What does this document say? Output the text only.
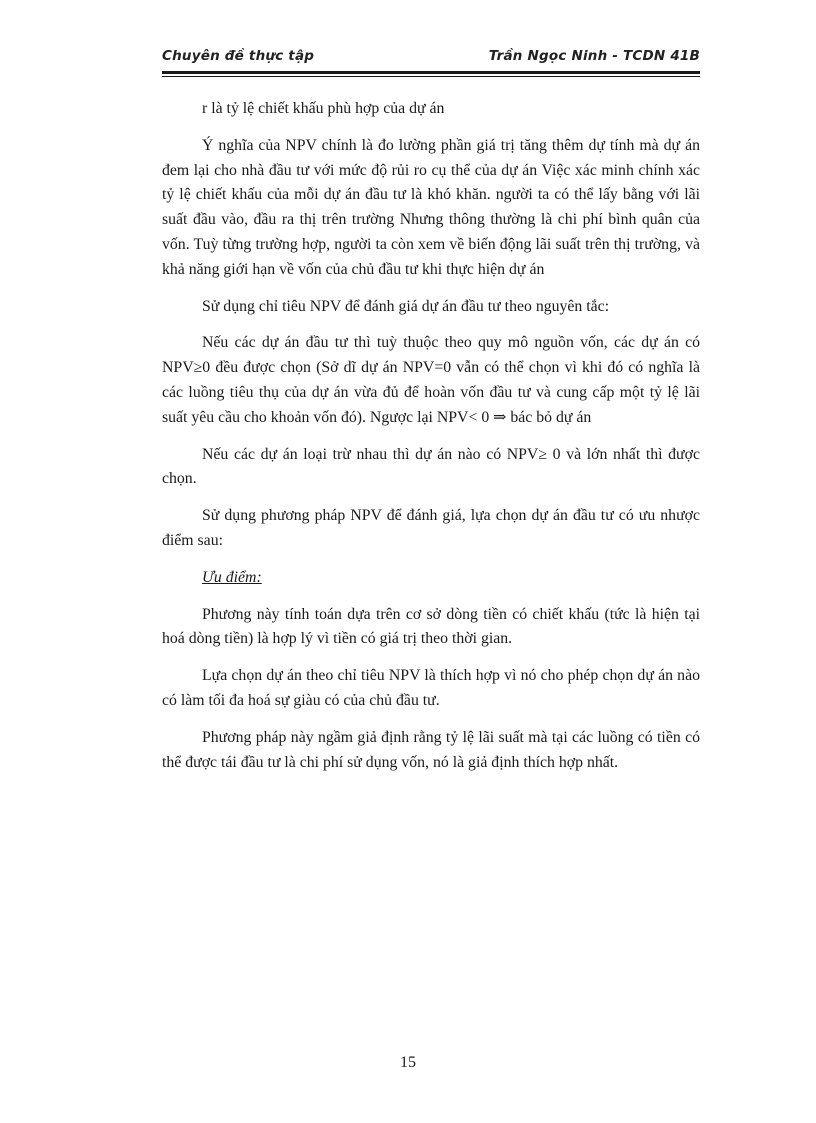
Chuyên đề thực tập	Trần Ngọc Ninh - TCDN 41B

r là tỷ lệ chiết khấu phù hợp của dự án

Ý nghĩa của NPV chính là đo lường phần giá trị tăng thêm dự tính mà dự án đem lại cho nhà đầu tư với mức độ rủi ro cụ thể của dự án Việc xác minh chính xác tỷ lệ chiết khấu của mỗi dự án đầu tư là khó khăn. người ta có thể lấy bằng với lãi suất đầu vào, đầu ra thị trên trường Nhưng thông thường là chi phí bình quân của vốn. Tuỳ từng trường hợp, người ta còn xem về biến động lãi suất trên thị trường, và khả năng giới hạn về vốn của chủ đầu tư khi thực hiện dự án

Sử dụng chỉ tiêu NPV để đánh giá dự án đầu tư theo nguyên tắc:

Nếu các dự án đầu tư thì tuỳ thuộc theo quy mô nguồn vốn, các dự án có NPV≥0 đều được chọn (Sở dĩ dự án NPV=0 vẫn có thể chọn vì khi đó có nghĩa là các luồng tiêu thụ của dự án vừa đủ để hoàn vốn đầu tư và cung cấp một tỷ lệ lãi suất yêu cầu cho khoản vốn đó). Ngược lại NPV< 0 ⇒ bác bỏ dự án

Nếu các dự án loại trừ nhau thì dự án nào có NPV≥ 0 và lớn nhất thì được chọn.

Sử dụng phương pháp NPV để đánh giá, lựa chọn dự án đầu tư có ưu nhược điểm sau:

Ưu điểm:

Phương này tính toán dựa trên cơ sở dòng tiền có chiết khấu (tức là hiện tại hoá dòng tiền) là hợp lý vì tiền có giá trị theo thời gian.

Lựa chọn dự án theo chỉ tiêu NPV là thích hợp vì nó cho phép chọn dự án nào có làm tối đa hoá sự giàu có của chủ đầu tư.

Phương pháp này ngầm giả định rằng tỷ lệ lãi suất mà tại các luồng có tiền có thể được tái đầu tư là chi phí sử dụng vốn, nó là giả định thích hợp nhất.

15
